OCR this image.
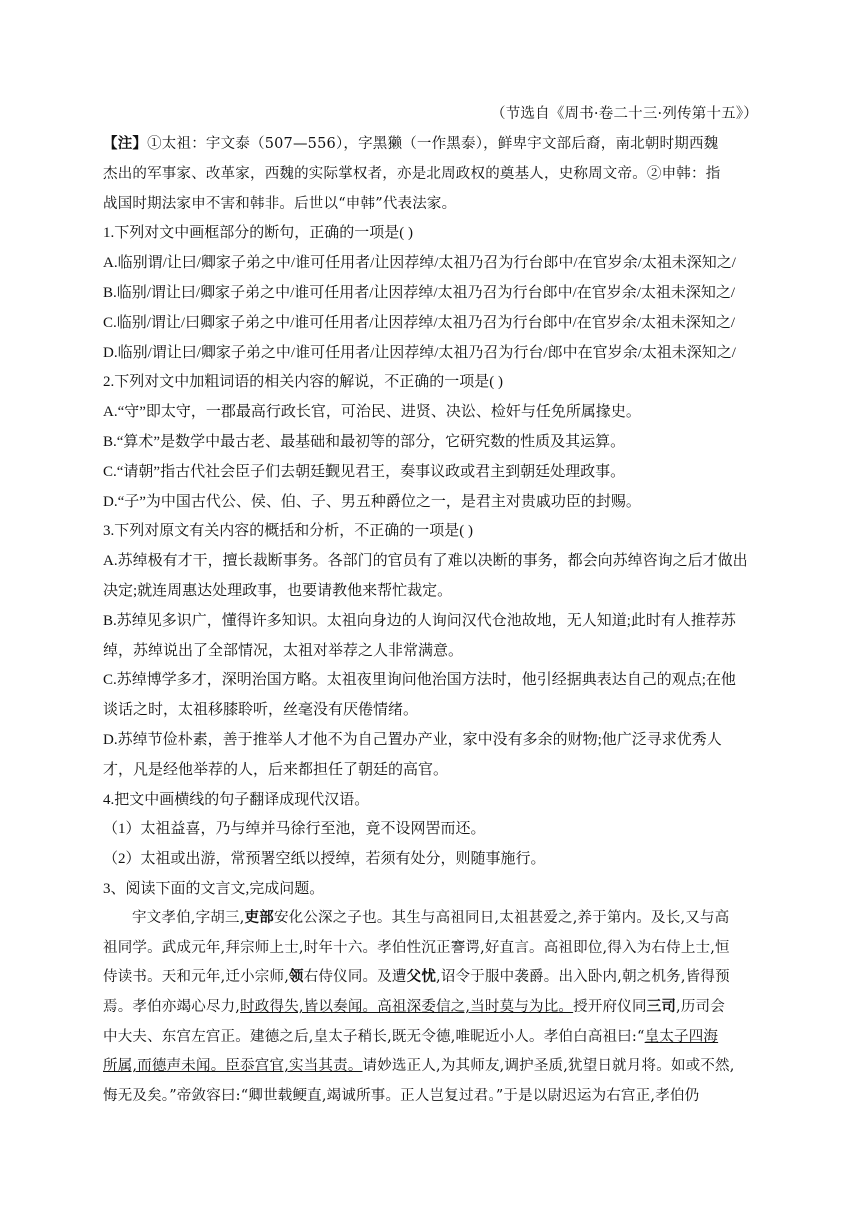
（节选自《周书·卷二十三·列传第十五》）
【注】①太祖：宇文泰（507—556），字黑獭（一作黑泰），鲜卑宇文部后裔，南北朝时期西魏
杰出的军事家、改革家，西魏的实际掌权者，亦是北周政权的奠基人，史称周文帝。②申韩：指
战国时期法家申不害和韩非。后世以“申韩”代表法家。
1.下列对文中画框部分的断句，正确的一项是( )
A.临别谓/让曰/卿家子弟之中/谁可任用者/让因荐绰/太祖乃召为行台郎中/在官岁余/太祖未深知之/
B.临别/谓让曰/卿家子弟之中/谁可任用者/让因荐绰/太祖乃召为行台郎中/在官岁余/太祖未深知之/
C.临别/谓让/曰卿家子弟之中/谁可任用者/让因荐绰/太祖乃召为行台郎中/在官岁余/太祖未深知之/
D.临别/谓让曰/卿家子弟之中/谁可任用者/让因荐绰/太祖乃召为行台/郎中在官岁余/太祖未深知之/
2.下列对文中加粗词语的相关内容的解说，不正确的一项是( )
A.“守”即太守，一郡最高行政长官，可治民、进贤、决讼、检奸与任免所属掾史。
B.“算术”是数学中最古老、最基础和最初等的部分，它研究数的性质及其运算。
C.“请朝”指古代社会臣子们去朝廷觐见君王，奏事议政或君主到朝廷处理政事。
D.“子”为中国古代公、侯、伯、子、男五种爵位之一，是君主对贵戚功臣的封赐。
3.下列对原文有关内容的概括和分析，不正确的一项是( )
A.苏绰极有才干，擅长裁断事务。各部门的官员有了难以决断的事务，都会向苏绰咨询之后才做出
决定;就连周惠达处理政事，也要请教他来帮忙裁定。
B.苏绰见多识广，懂得许多知识。太祖向身边的人询问汉代仓池故地，无人知道;此时有人推荐苏
绰，苏绰说出了全部情况，太祖对举荐之人非常满意。
C.苏绰博学多才，深明治国方略。太祖夜里询问他治国方法时，他引经据典表达自己的观点;在他
谈话之时，太祖移膝聆听，丝毫没有厌倦情绪。
D.苏绰节俭朴素，善于推举人才他不为自己置办产业，家中没有多余的财物;他广泛寻求优秀人
才，凡是经他举荐的人，后来都担任了朝廷的高官。
4.把文中画横线的句子翻译成现代汉语。
（1）太祖益喜，乃与绰并马徐行至池，竟不设网罟而还。
（2）太祖或出游，常预署空纸以授绰，若须有处分，则随事施行。
3、阅读下面的文言文,完成问题。
宇文孝伯,字胡三,吏部安化公深之子也。其生与高祖同日,太祖甚爱之,养于第内。及长,又与高
祖同学。武成元年,拜宗师上士,时年十六。孝伯性沉正謇谔,好直言。高祖即位,得入为右侍上士,恒
侍读书。天和元年,迁小宗师,领右侍仪同。及遭父忧,诏令于服中袭爵。出入卧内,朝之机务,皆得预
焉。孝伯亦竭心尽力,时政得失,皆以奏闻。高祖深委信之,当时莫与为比。授开府仪同三司,历司会
中大夫、东宫左宫正。建德之后,皇太子稍长,既无令德,唯昵近小人。孝伯白高祖曰:“皇太子四海
所属,而德声未闻。臣忝宫官,实当其责。请妙选正人,为其师友,调护圣质,犹望日就月将。如或不然,
悔无及矣。”帝敛容曰:“卿世载鲠直,竭诚所事。正人岂复过君。”于是以尉迟运为右宫正,孝伯仍
